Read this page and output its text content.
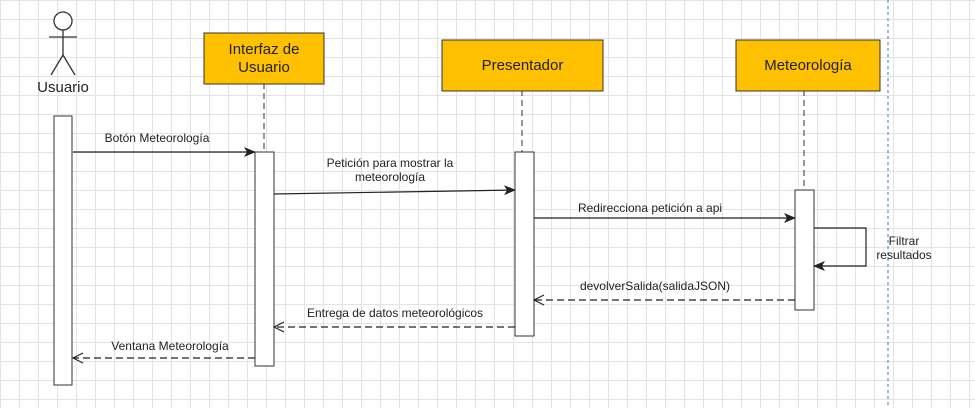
Usuario
Interfaz de
Usuario	Presentador	Meteorología
Botón Meteorología
Petición para mostrar la
meteorología
Redirecciona petición a api
Filtrar
resultados
devolverSalida(salidaJSON)
Entrega de datos meteorológicos
Ventana Meteorología
